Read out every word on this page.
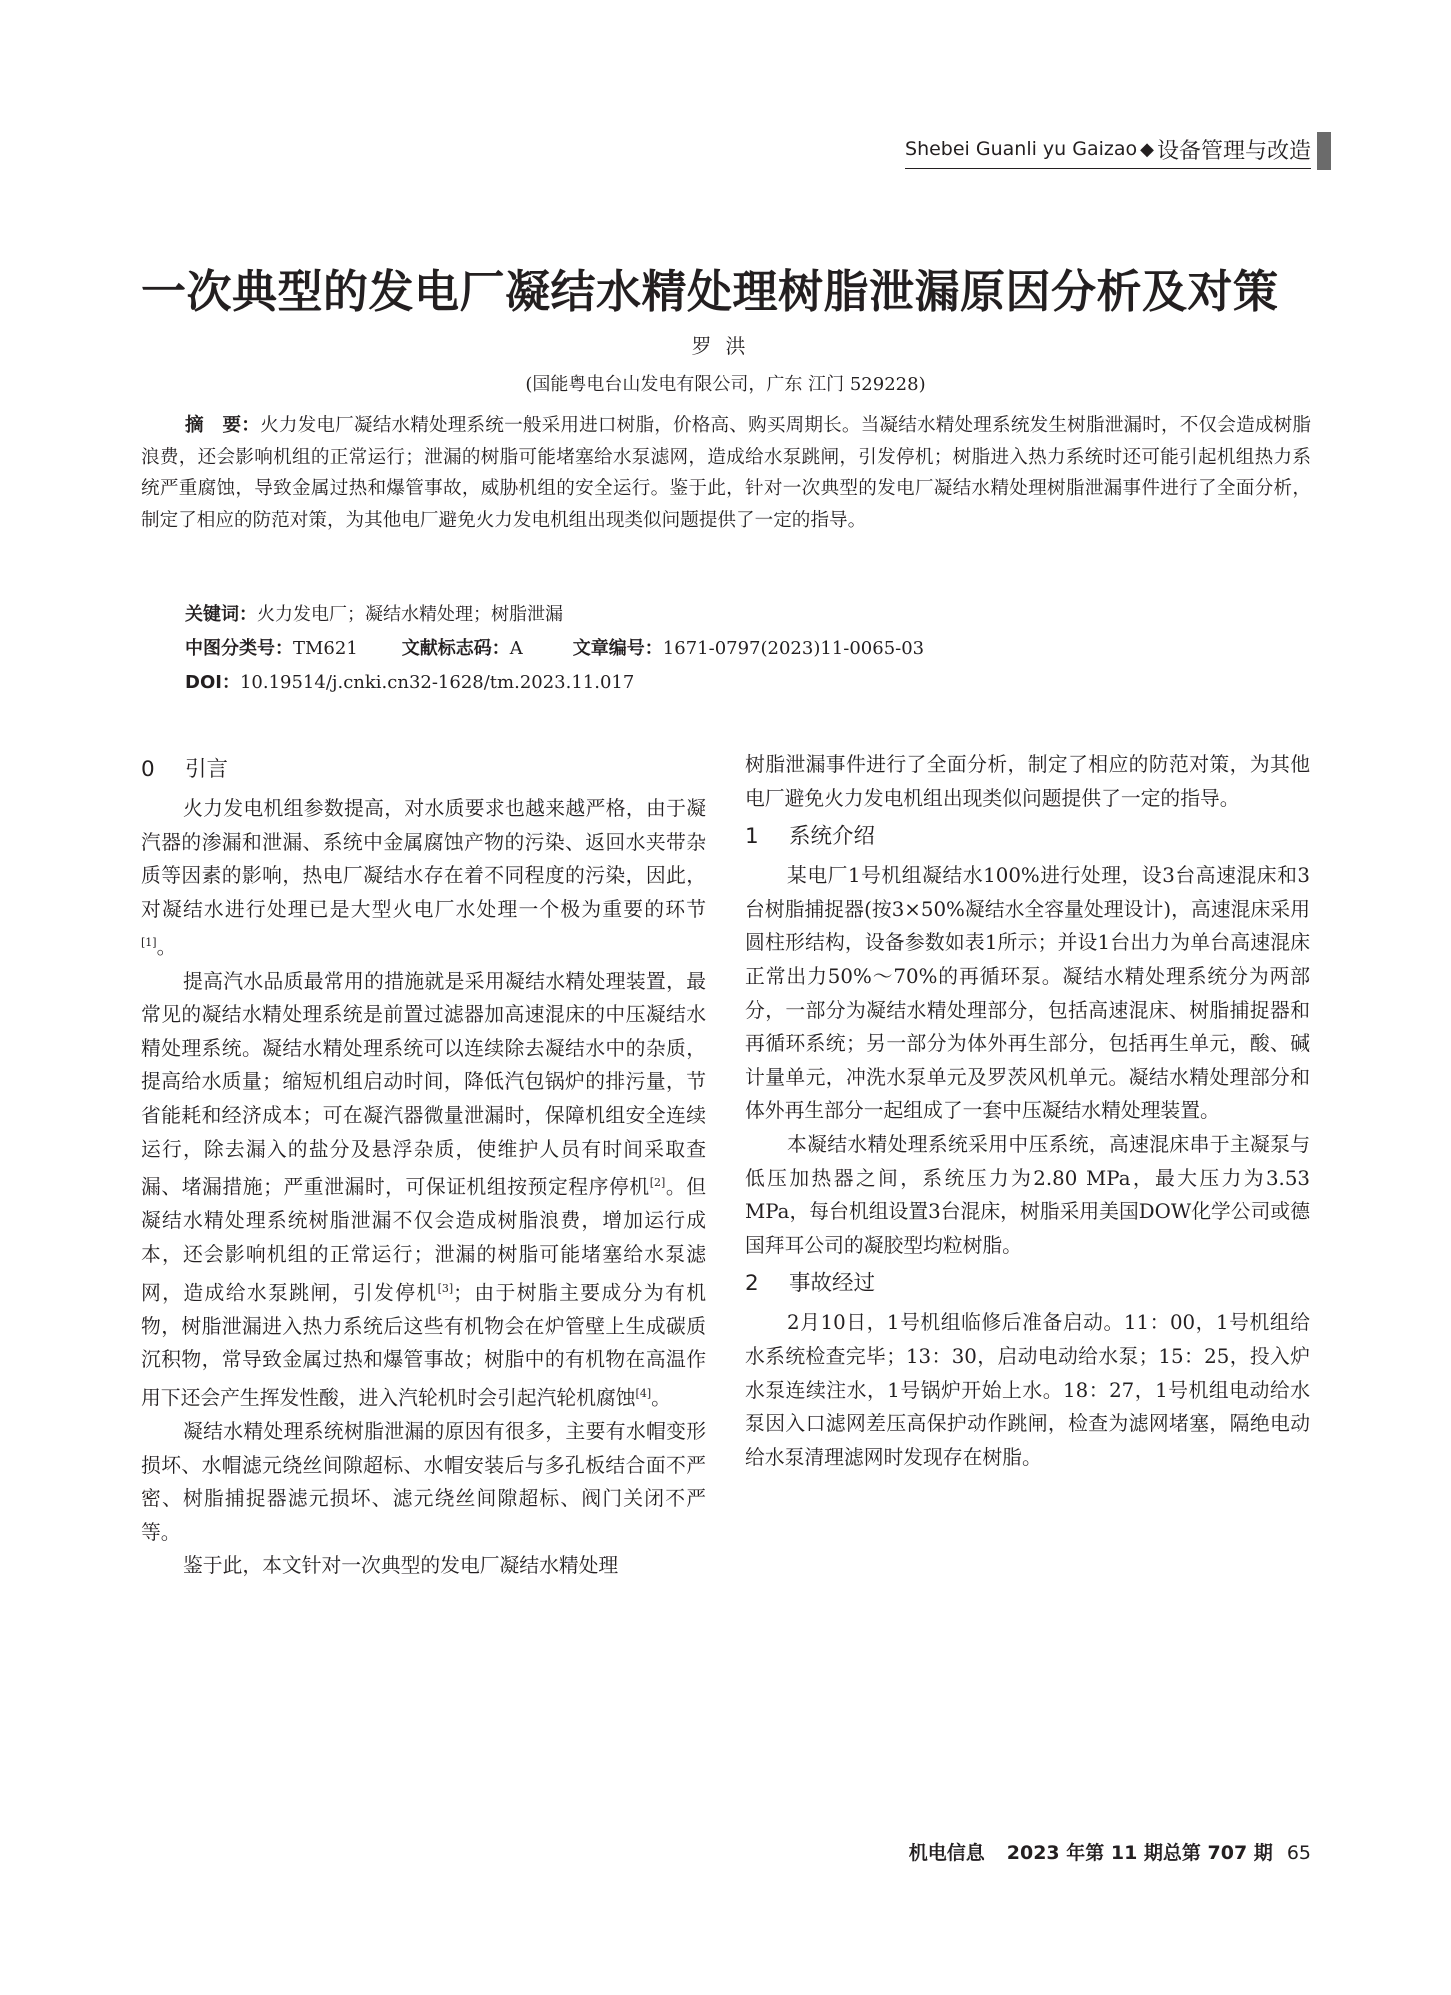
Shebei Guanli yu Gaizao ◆ 设备管理与改造
一次典型的发电厂凝结水精处理树脂泄漏原因分析及对策
罗洪
(国能粤电台山发电有限公司，广东 江门 529228)
摘　要：火力发电厂凝结水精处理系统一般采用进口树脂，价格高、购买周期长。当凝结水精处理系统发生树脂泄漏时，不仅会造成树脂浪费，还会影响机组的正常运行；泄漏的树脂可能堵塞给水泵滤网，造成给水泵跳闸，引发停机；树脂进入热力系统时还可能引起机组热力系统严重腐蚀，导致金属过热和爆管事故，威胁机组的安全运行。鉴于此，针对一次典型的发电厂凝结水精处理树脂泄漏事件进行了全面分析，制定了相应的防范对策，为其他电厂避免火力发电机组出现类似问题提供了一定的指导。
关键词：火力发电厂；凝结水精处理；树脂泄漏
中图分类号：TM621 文献标志码：A	文章编号：1671-0797(2023)11-0065-03
DOI：10.19514/j.cnki.cn32-1628/tm.2023.11.017
0 引言

火力发电机组参数提高，对水质要求也越来越严格，由于凝汽器的渗漏和泄漏、系统中金属腐蚀产物的污染、返回水夹带杂质等因素的影响，热电厂凝结水存在着不同程度的污染，因此，对凝结水进行处理已是大型火电厂水处理一个极为重要的环节[1]。

提高汽水品质最常用的措施就是采用凝结水精处理装置，最常见的凝结水精处理系统是前置过滤器加高速混床的中压凝结水精处理系统。凝结水精处理系统可以连续除去凝结水中的杂质，提高给水质量；缩短机组启动时间，降低汽包锅炉的排污量，节省能耗和经济成本；可在凝汽器微量泄漏时，保障机组安全连续运行，除去漏入的盐分及悬浮杂质，使维护人员有时间采取查漏、堵漏措施；严重泄漏时，可保证机组按预定程序停机[2]。但凝结水精处理系统树脂泄漏不仅会造成树脂浪费，增加运行成本，还会影响机组的正常运行；泄漏的树脂可能堵塞给水泵滤网，造成给水泵跳闸，引发停机[3]；由于树脂主要成分为有机物，树脂泄漏进入热力系统后这些有机物会在炉管壁上生成碳质沉积物，常导致金属过热和爆管事故；树脂中的有机物在高温作用下还会产生挥发性酸，进入汽轮机时会引起汽轮机腐蚀[4]。

凝结水精处理系统树脂泄漏的原因有很多，主要有水帽变形损坏、水帽滤元绕丝间隙超标、水帽安装后与多孔板结合面不严密、树脂捕捉器滤元损坏、滤元绕丝间隙超标、阀门关闭不严等。

鉴于此，本文针对一次典型的发电厂凝结水精处理

树脂泄漏事件进行了全面分析，制定了相应的防范对策，为其他电厂避免火力发电机组出现类似问题提供了一定的指导。

1 系统介绍

某电厂1号机组凝结水100%进行处理，设3台高速混床和3台树脂捕捉器(按3×50%凝结水全容量处理设计)，高速混床采用圆柱形结构，设备参数如表1所示；并设1台出力为单台高速混床正常出力50%～70%的再循环泵。凝结水精处理系统分为两部分，一部分为凝结水精处理部分，包括高速混床、树脂捕捉器和再循环系统；另一部分为体外再生部分，包括再生单元，酸、碱计量单元，冲洗水泵单元及罗茨风机单元。凝结水精处理部分和体外再生部分一起组成了一套中压凝结水精处理装置。

本凝结水精处理系统采用中压系统，高速混床串于主凝泵与低压加热器之间，系统压力为2.80 MPa，最大压力为3.53 MPa，每台机组设置3台混床，树脂采用美国DOW化学公司或德国拜耳公司的凝胶型均粒树脂。

2 事故经过

2月10日，1号机组临修后准备启动。11：00，1号机组给水系统检查完毕；13：30，启动电动给水泵；15：25，投入炉水泵连续注水，1号锅炉开始上水。18：27，1号机组电动给水泵因入口滤网差压高保护动作跳闸，检查为滤网堵塞，隔绝电动给水泵清理滤网时发现存在树脂。

机电信息 2023 年第 11 期总第 707 期 65
